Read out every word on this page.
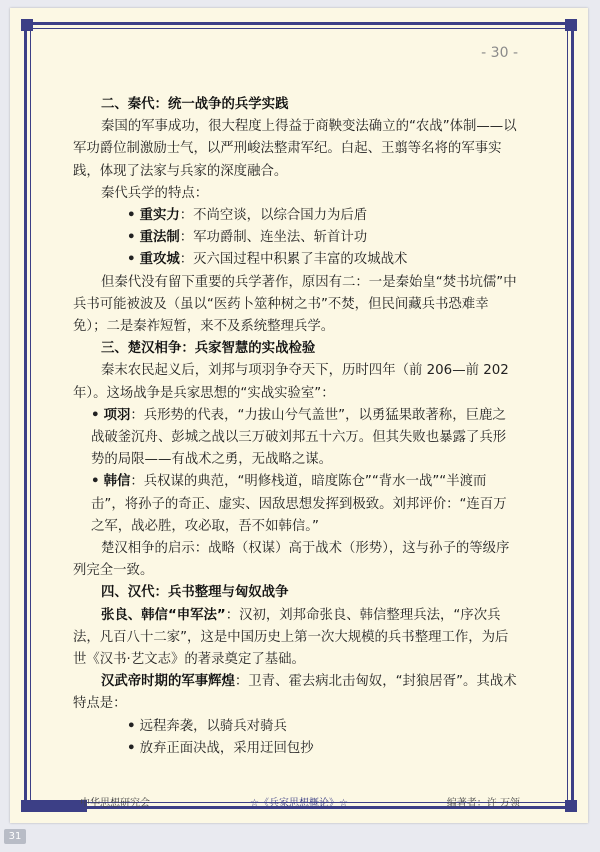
- 30 -

二、秦代：统一战争的兵学实践

秦国的军事成功，很大程度上得益于商鞅变法确立的“农战”体制——以军功爵位制激励士气，以严刑峻法整肃军纪。白起、王翦等名将的军事实践，体现了法家与兵家的深度融合。

秦代兵学的特点：

• 重实力：不尚空谈，以综合国力为后盾

• 重法制：军功爵制、连坐法、斩首计功

• 重攻城：灭六国过程中积累了丰富的攻城战术

但秦代没有留下重要的兵学著作，原因有二：一是秦始皇“焚书坑儒”中兵书可能被波及（虽以“医药卜筮种树之书”不焚，但民间藏兵书恐难幸免）；二是秦祚短暂，来不及系统整理兵学。

三、楚汉相争：兵家智慧的实战检验

秦末农民起义后，刘邦与项羽争夺天下，历时四年（前 206—前 202 年）。这场战争是兵家思想的“实战实验室”：

• 项羽：兵形势的代表，“力拔山兮气盖世”，以勇猛果敢著称，巨鹿之战破釜沉舟、彭城之战以三万破刘邦五十六万。但其失败也暴露了兵形势的局限——有战术之勇，无战略之谋。

• 韩信：兵权谋的典范，“明修栈道，暗度陈仓”“背水一战”“半渡而击”，将孙子的奇正、虚实、因敌思想发挥到极致。刘邦评价：“连百万之军，战必胜，攻必取，吾不如韩信。”

楚汉相争的启示：战略（权谋）高于战术（形势），这与孙子的等级序列完全一致。

四、汉代：兵书整理与匈奴战争

张良、韩信“申军法”：汉初，刘邦命张良、韩信整理兵法，“序次兵法，凡百八十二家”，这是中国历史上第一次大规模的兵书整理工作，为后世《汉书·艺文志》的著录奠定了基础。

汉武帝时期的军事辉煌：卫青、霍去病北击匈奴，“封狼居胥”。其战术特点是：

• 远程奔袭，以骑兵对骑兵

• 放弃正面决战，采用迂回包抄

中华思想研究会	☆《兵家思想概论》☆	编著者：许 万领
31
